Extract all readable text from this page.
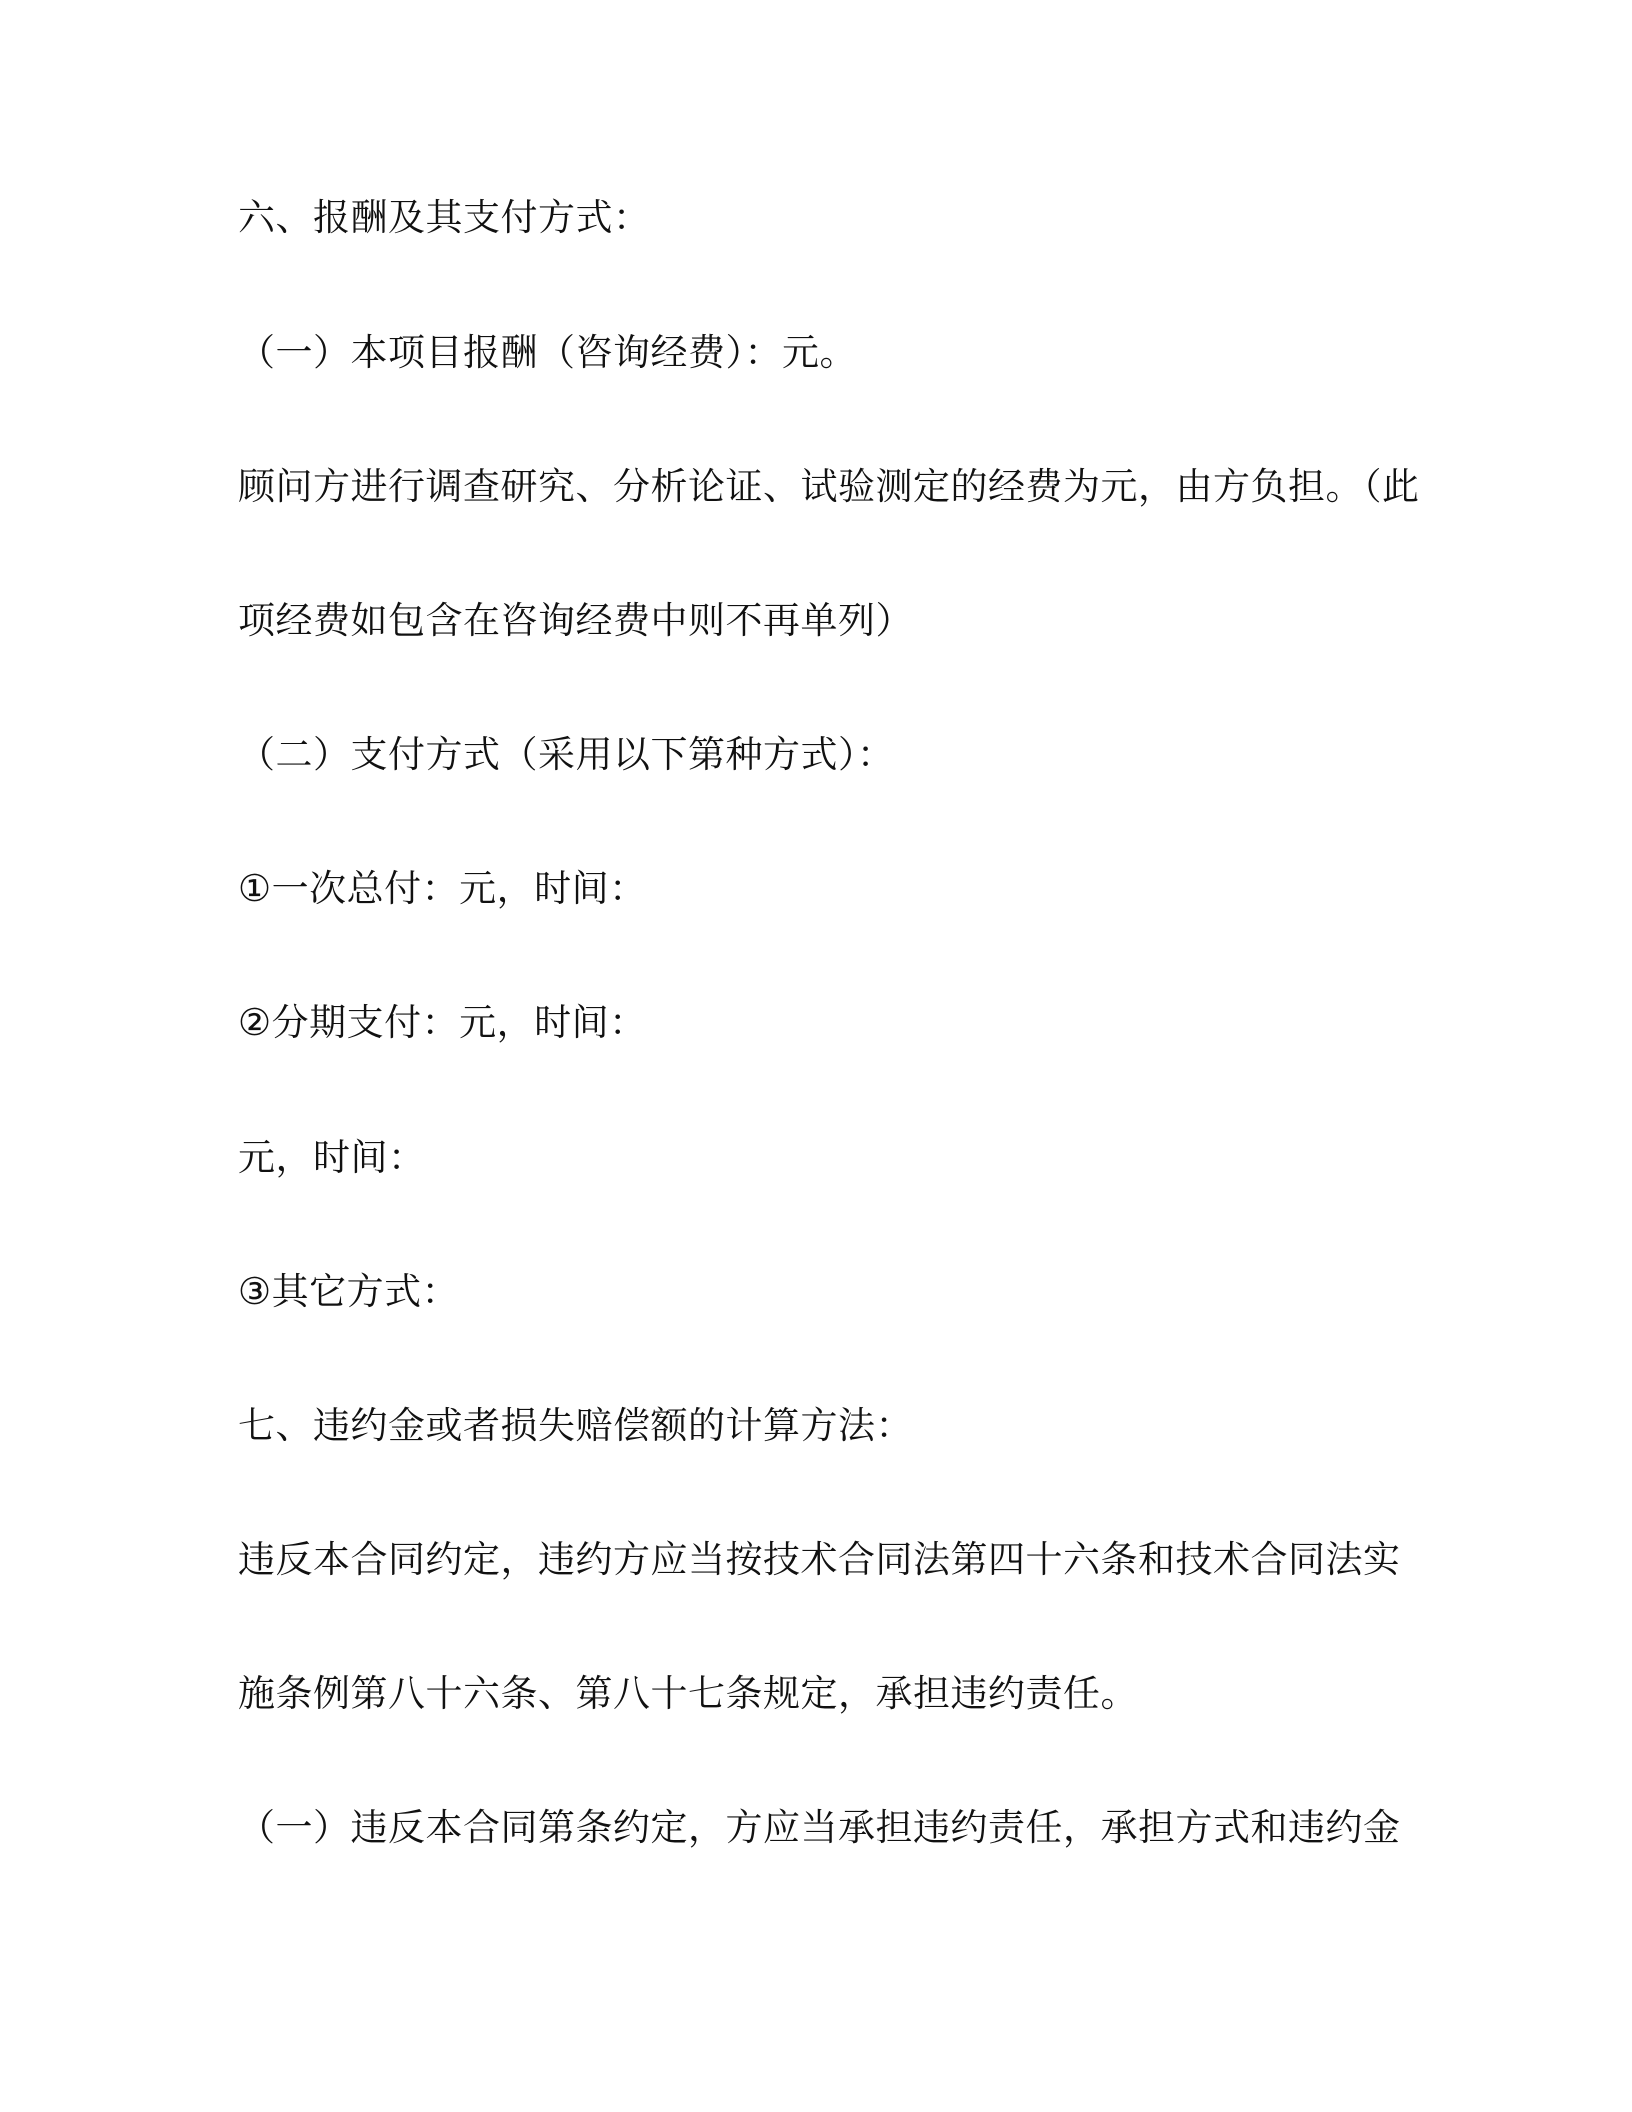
六、报酬及其支付方式：

（一）本项目报酬（咨询经费）：元。

顾问方进行调查研究、分析论证、试验测定的经费为元，由方负担。（此

项经费如包含在咨询经费中则不再单列）

（二）支付方式（采用以下第种方式）：

①一次总付：元，时间：

②分期支付：元，时间：

元，时间：

③其它方式：

七、违约金或者损失赔偿额的计算方法：

违反本合同约定，违约方应当按技术合同法第四十六条和技术合同法实

施条例第八十六条、第八十七条规定，承担违约责任。

（一）违反本合同第条约定，方应当承担违约责任，承担方式和违约金
